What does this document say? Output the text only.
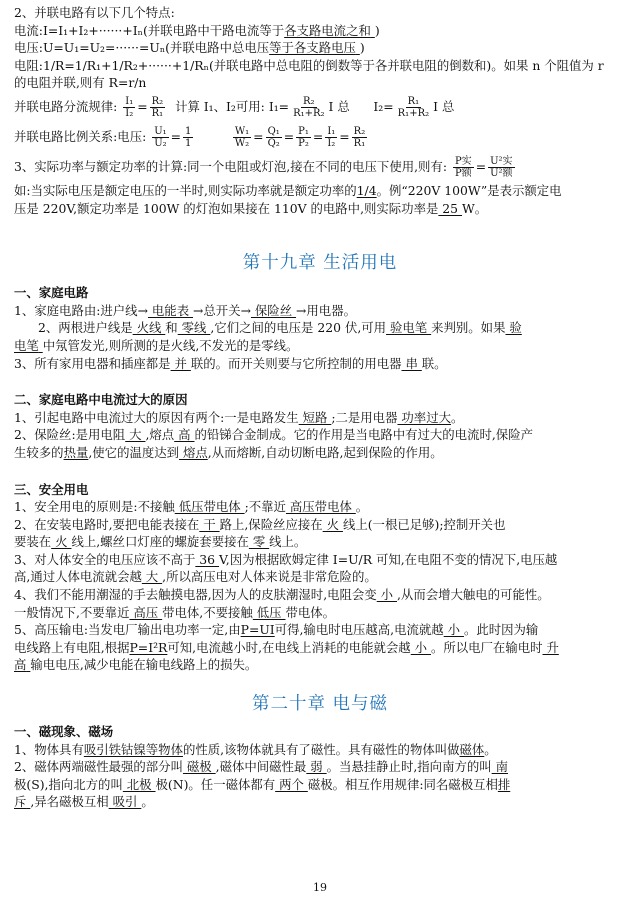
2、并联电路有以下几个特点:
电流:I=I₁+I₂+······+Iₙ(并联电路中干路电流等于各支路电流之和 )
电压:U=U₁=U₂=······=Uₙ(并联电路中总电压等于各支路电压 )
电阻:1/R=1/R₁+1/R₂+······+1/Rₙ(并联电路中总电阻的倒数等于各并联电阻的倒数和)。如果 n 个阻值为 r
的电阻并联,则有 R=r/n
并联电路分流规律: $\frac{\text{I₁}}{\text{I₂}} = \frac{\text{R₂}}{\text{R₁}}$ 计算 I₁、I₂可用: $I_1= \frac{\text{R₂}}{\text{R₁+R₂}}$ I 总 $I_2= \frac{\text{R₁}}{\text{R₁+R₂}}$ I 总
并联电路比例关系:电压: $\frac{\text{U₁}}{\text{U₂}} = \frac{1}{1}$
	$\frac{\text{W₁}}{\text{W₂}} = \frac{\text{Q₁}}{\text{Q₂}} = \frac{\text{P₁}}{\text{P₂}} = \frac{\text{I₁}}{\text{I₂}} = \frac{\text{R₂}}{\text{R₁}}$
3、实际功率与额定功率的计算:同一个电阻或灯泡,接在不同的电压下使用,则有: $\frac{\text{P实}}{\text{P额}} = \frac{\text{U²实}}{\text{U²额}}$
如:当实际电压是额定电压的一半时,则实际功率就是额定功率的1/4。例“220V 100W”是表示额定电
压是 220V,额定功率是 100W 的灯泡如果接在 110V 的电路中,则实际功率是 25 W。
第十九章 生活用电
一、家庭电路
1、家庭电路由:进户线→ 电能表 →总开关→ 保险丝 →用电器。
2、两根进户线是 火线 和 零线 ,它们之间的电压是 220 伏,可用 验电笔 来判别。如果 验
电笔 中氖管发光,则所测的是火线,不发光的是零线。
3、所有家用电器和插座都是 并 联的。而开关则要与它所控制的用电器 串 联。
二、家庭电路中电流过大的原因
1、引起电路中电流过大的原因有两个:一是电路发生 短路 ;二是用电器 功率过大。
2、保险丝:是用电阻 大 ,熔点 高 的铅锑合金制成。它的作用是当电路中有过大的电流时,保险产
生较多的热量,使它的温度达到 熔点,从而熔断,自动切断电路,起到保险的作用。
三、安全用电
1、安全用电的原则是:不接触 低压带电体 ;不靠近 高压带电体 。
2、在安装电路时,要把电能表接在 干 路上,保险丝应接在 火 线上(一根已足够);控制开关也
要装在 火 线上,螺丝口灯座的螺旋套要接在 零 线上。
3、对人体安全的电压应该不高于 36 V,因为根据欧姆定律 I=U/R 可知,在电阻不变的情况下,电压越
高,通过人体电流就会越 大 ,所以高压电对人体来说是非常危险的。
4、我们不能用潮湿的手去触摸电器,因为人的皮肤潮湿时,电阻会变 小 ,从而会增大触电的可能性。
一般情况下,不要靠近 高压 带电体,不要接触 低压 带电体。
5、高压输电:当发电厂输出电功率一定,由P=UI可得,输电时电压越高,电流就越 小 。此时因为输
电线路上有电阻,根据P=I²R可知,电流越小时,在电线上消耗的电能就会越 小 。所以电厂在输电时 升
高 输电电压,减少电能在输电线路上的损失。
第二十章 电与磁
一、磁现象、磁场
1、物体具有吸引铁钴镍等物体的性质,该物体就具有了磁性。具有磁性的物体叫做磁体。
2、磁体两端磁性最强的部分叫 磁极 ,磁体中间磁性最 弱 。当悬挂静止时,指向南方的叫 南
极(S),指向北方的叫 北极 极(N)。任一磁体都有 两个 磁极。相互作用规律:同名磁极互相排
斥 ,异名磁极互相 吸引 。
19
